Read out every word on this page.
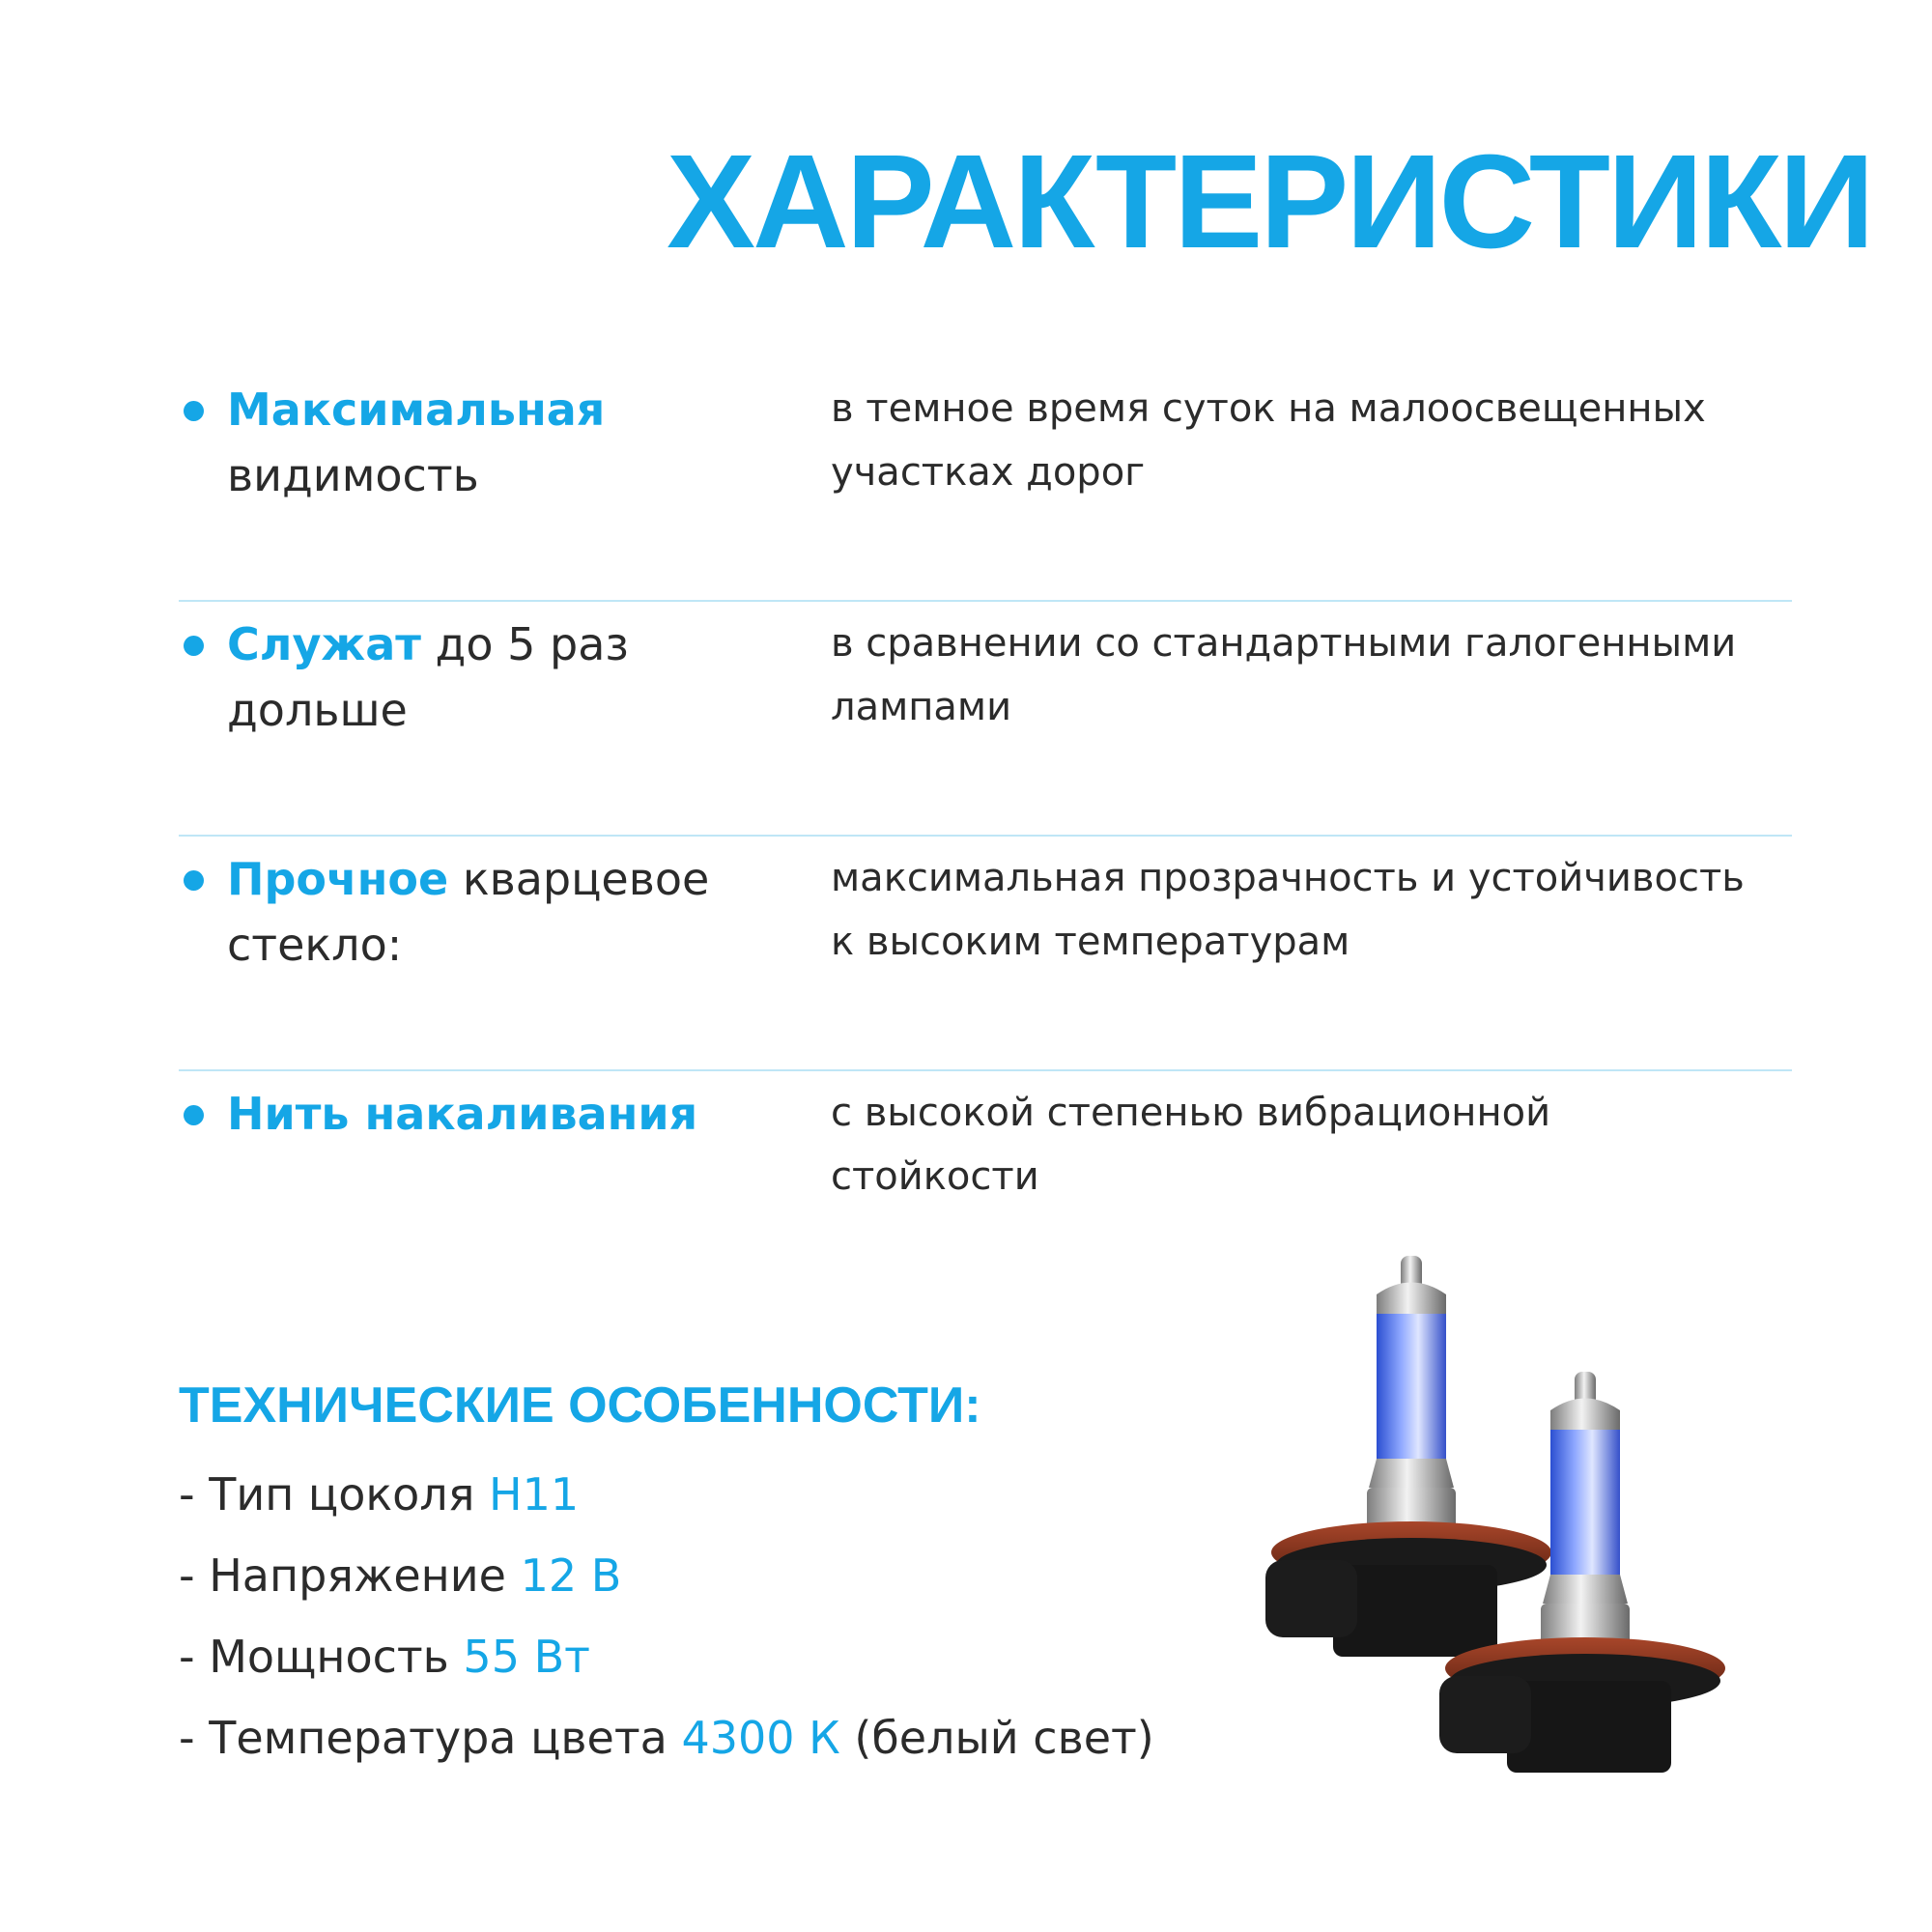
ХАРАКТЕРИСТИКИ
Максимальная видимость
в темное время суток на малоосвещенных участках дорог
Служат до 5 раз дольше
в сравнении со стандартными галогенными лампами
Прочное кварцевое стекло:
максимальная прозрачность и устойчивость к высоким температурам
Нить накаливания	с высокой степенью вибрационной стойкости
ТЕХНИЧЕСКИЕ ОСОБЕННОСТИ:
- Тип цоколя H11
- Напряжение 12 В
- Мощность 55 Вт
- Температура цвета 4300 К (белый свет)
